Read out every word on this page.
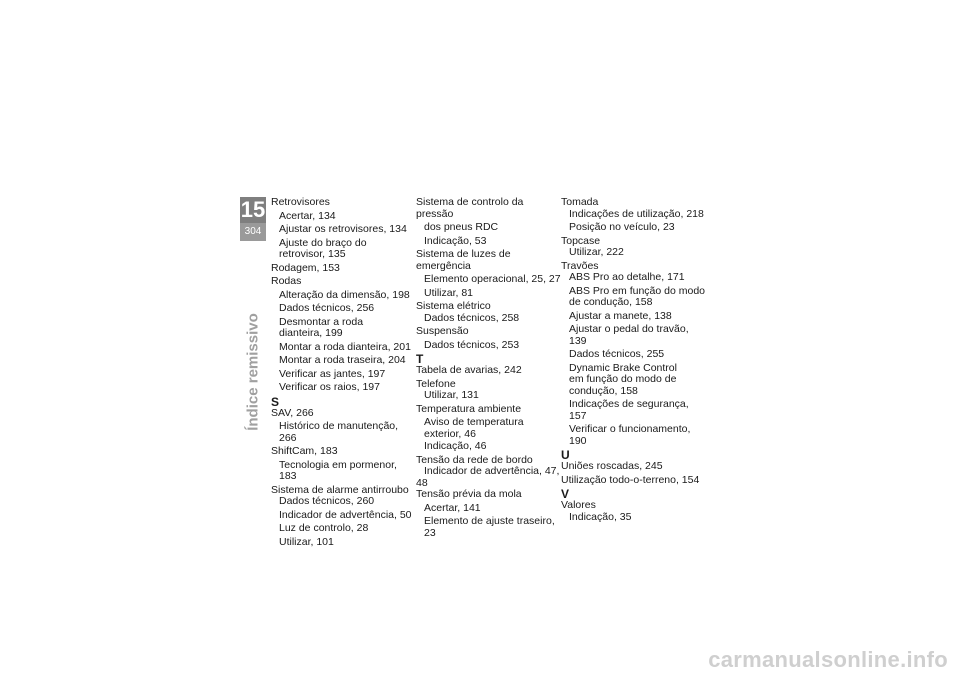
15
304
Índice remissivo
Retrovisores
Acertar, 134
Ajustar os retrovisores, 134
Ajuste do braço do
retrovisor, 135
Rodagem, 153
Rodas
Alteração da dimensão, 198
Dados técnicos, 256
Desmontar a roda
dianteira, 199
Montar a roda dianteira, 201
Montar a roda traseira, 204
Verificar as jantes, 197
Verificar os raios, 197
S
SAV, 266
Histórico de manutenção, 266
ShiftCam, 183
Tecnologia em pormenor, 183
Sistema de alarme antirroubo
Dados técnicos, 260
Indicador de advertência, 50
Luz de controlo, 28
Utilizar, 101
Sistema de controlo da pressão
dos pneus RDC
Indicação, 53
Sistema de luzes de emergência
Elemento operacional, 25, 27
Utilizar, 81
Sistema elétrico
Dados técnicos, 258
Suspensão
Dados técnicos, 253
T
Tabela de avarias, 242
Telefone
Utilizar, 131
Temperatura ambiente
Aviso de temperatura
exterior, 46
Indicação, 46
Tensão da rede de bordo
Indicador de advertência, 47,
48
Tensão prévia da mola
Acertar, 141
Elemento de ajuste traseiro, 23
Tomada
Indicações de utilização, 218
Posição no veículo, 23
Topcase
Utilizar, 222
Travões
ABS Pro ao detalhe, 171
ABS Pro em função do modo
de condução, 158
Ajustar a manete, 138
Ajustar o pedal do travão, 139
Dados técnicos, 255
Dynamic Brake Control
em função do modo de
condução, 158
Indicações de segurança, 157
Verificar o funcionamento, 190
U
Uniões roscadas, 245
Utilização todo-o-terreno, 154
V
Valores
Indicação, 35
carmanualsonline.info
